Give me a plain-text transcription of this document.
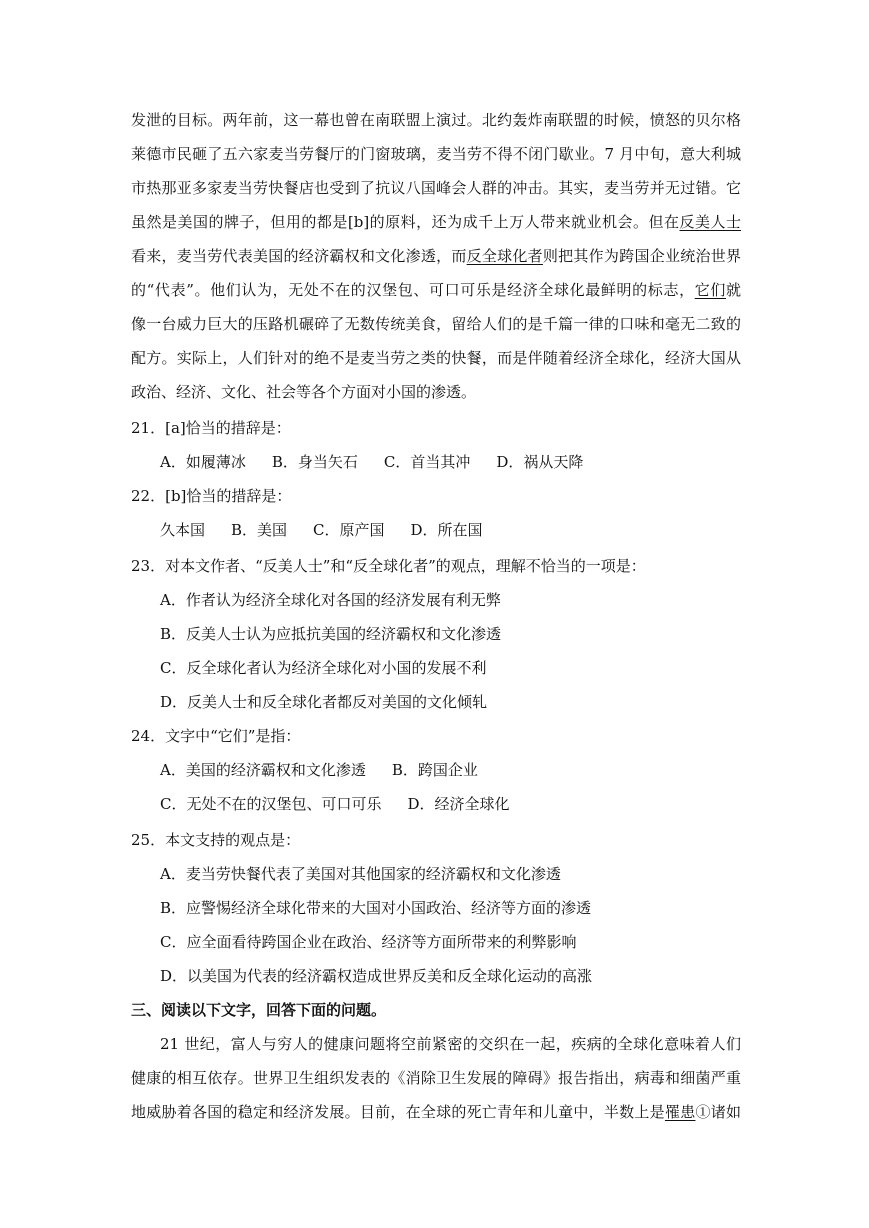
发泄的目标。两年前，这一幕也曾在南联盟上演过。北约轰炸南联盟的时候，愤怒的贝尔格
莱德市民砸了五六家麦当劳餐厅的门窗玻璃，麦当劳不得不闭门歇业。7 月中旬，意大利城
市热那亚多家麦当劳快餐店也受到了抗议八国峰会人群的冲击。其实，麦当劳并无过错。它
虽然是美国的牌子，但用的都是[b]的原料，还为成千上万人带来就业机会。但在反美人士
看来，麦当劳代表美国的经济霸权和文化渗透，而反全球化者则把其作为跨国企业统治世界
的“代表”。他们认为，无处不在的汉堡包、可口可乐是经济全球化最鲜明的标志，它们就
像一台威力巨大的压路机碾碎了无数传统美食，留给人们的是千篇一律的口味和毫无二致的
配方。实际上，人们针对的绝不是麦当劳之类的快餐，而是伴随着经济全球化，经济大国从
政治、经济、文化、社会等各个方面对小国的渗透。
21．[a]恰当的措辞是：
A．如履薄冰 B．身当矢石 C．首当其冲 D．祸从天降
22．[b]恰当的措辞是：
久本国 B．美国 C．原产国 D．所在国
23．对本文作者、“反美人士”和“反全球化者”的观点，理解不恰当的一项是：
A．作者认为经济全球化对各国的经济发展有利无弊
B．反美人士认为应抵抗美国的经济霸权和文化渗透
C．反全球化者认为经济全球化对小国的发展不利
D．反美人士和反全球化者都反对美国的文化倾轧
24．文字中“它们”是指：
A．美国的经济霸权和文化渗透 B．跨国企业
C．无处不在的汉堡包、可口可乐 D．经济全球化
25．本文支持的观点是：
A．麦当劳快餐代表了美国对其他国家的经济霸权和文化渗透
B．应警惕经济全球化带来的大国对小国政治、经济等方面的渗透
C．应全面看待跨国企业在政治、经济等方面所带来的利弊影响
D．以美国为代表的经济霸权造成世界反美和反全球化运动的高涨
三、阅读以下文字，回答下面的问题。
21 世纪，富人与穷人的健康问题将空前紧密的交织在一起，疾病的全球化意味着人们
健康的相互依存。世界卫生组织发表的《消除卫生发展的障碍》报告指出，病毒和细菌严重
地威胁着各国的稳定和经济发展。目前，在全球的死亡青年和儿童中，半数上是罹患①诸如
